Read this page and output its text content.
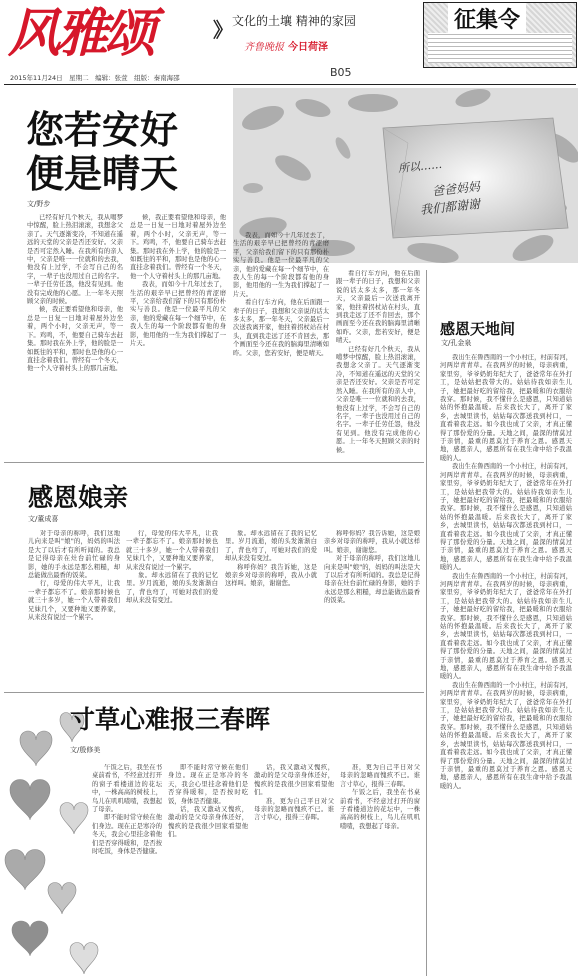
风雅颂	》 文化的土壤 精神的家园
齐鲁晚报 今日荷泽
征集令
2015年11月24日　星期二　编辑：张萱　组版：秦南海邵	B05
您若安好
便是晴天
文/野步
所以……
爸爸妈妈
我们都谢谢

已经有好几个秋天，我从噶梦中惊醒，脸上热泪滚滚，我想念父亲了。天气逐渐变冷，不知道在遥远的天堂的父亲是否还安好。父亲是否可定然入睡。在我所有的亲人中，父亲是唯一一位就和的去我，他没有上过学，不会写自己的名字，一辈子也没用过自己的名字。一辈子任劳任怨，他没有见到。他没有完成他的心愿。上一年冬天照顾父亲的时候。

候，我正要看望他和母亲，他总是一日复一日地对着屋外边坐着，两个小时，父亲无声，等一下。鸡鸣，不，他要自己骑车去赶集。那时我在外上学，他的脸是一如既往的平和，那时也是他的心一直挂念着我们。曾经有一个冬天，他一个人守着村头上的那几亩地。

候，我正要看望他和母亲，他总是一日复一日地对着屋外边坐着，两个小时，父亲无声，等一下。鸡鸣，不，他要自己骑车去赶集。那时我在外上学，他的脸是一如既往的平和，那时也是他的心一直挂念着我们。曾经有一个冬天，他一个人守着村头上的那几亩地。

我表，而如今十几年过去了，生活的艰辛早已把曾经的青涩磨平，父亲给我们留下的只有那份朴实与善良。他是一位最平凡的父亲，他的爱藏在每一个细节中，在我人生的每一个阶段都有他的身影，他用他的一生为我们撑起了一片天。

我表，而如今十几年过去了，生活的艰辛早已把曾经的青涩磨平，父亲给我们留下的只有那份朴实与善良。他是一位最平凡的父亲，他的爱藏在每一个细节中，在我人生的每一个阶段都有他的身影，他用他的一生为我们撑起了一片天。

看自行车方向，他在后面跟一辈子的日子，我想和父亲说的话太多太多，那一年冬天，父亲最后一次送我离开家，他拄着拐杖站在村头，直到我走远了还不肯回去，那个画面至今还在我的脑海里清晰如昨。父亲，您若安好，便是晴天。

看自行车方向，他在后面跟一辈子的日子，我想和父亲说的话太多太多，那一年冬天，父亲最后一次送我离开家，他拄着拐杖站在村头，直到我走远了还不肯回去，那个画面至今还在我的脑海里清晰如昨。父亲，您若安好，便是晴天。

已经有好几个秋天，我从噶梦中惊醒，脸上热泪滚滚，我想念父亲了。天气逐渐变冷，不知道在遥远的天堂的父亲是否还安好。父亲是否可定然入睡。在我所有的亲人中，父亲是唯一一位就和的去我，他没有上过学，不会写自己的名字，一辈子也没用过自己的名字。一辈子任劳任怨，他没有见到。他没有完成他的心愿。上一年冬天照顾父亲的时候。

感恩娘亲
文/董成喜

对于母亲的称呼，我们这地儿向来是叫"娘"的，妈妈的叫法是大了以后才有所听闻的。我总是记得母亲在灶台前忙碌的身影，她的手永远是那么粗糙，却总能做出最香的饭菜。

行，母爱的伟大平凡，让我一辈子都忘不了。娘亲那时候也就三十多岁，她一个人带着我们兄妹几个，又要种地又要养家，从来没有说过一个累字。

行，母爱的伟大平凡，让我一辈子都忘不了。娘亲那时候也就三十多岁，她一个人带着我们兄妹几个，又要种地又要养家，从来没有说过一个累字。

象。却永远留在了我的记忆里。岁月流逝，娘的头发渐渐白了，背也弯了，可她对我们的爱却从来没有变过。

象。却永远留在了我的记忆里。岁月流逝，娘的头发渐渐白了，背也弯了，可她对我们的爱却从来没有变过。

称呼你妈？我告诉她，这是娘亲乡对母亲的称呼，我从小就这样叫。娘亲，谢谢您。

称呼你妈？我告诉她，这是娘亲乡对母亲的称呼，我从小就这样叫。娘亲，谢谢您。

对于母亲的称呼，我们这地儿向来是叫"娘"的，妈妈的叫法是大了以后才有所听闻的。我总是记得母亲在灶台前忙碌的身影，她的手永远是那么粗糙，却总能做出最香的饭菜。

感恩天地间
文/孔金泉

我出生在鲁西南的一个小村庄，村前有河，河两岸青青草。在我两岁的时候，母亲病重，家里穷，爷爷奶奶年纪大了，爸爸常年在外打工，是姑姑把我带大的。姑姑待我如亲生儿子，她把最好吃的留给我，把最暖和的衣服给我穿。那时候，我不懂什么是感恩，只知道姑姑的怀抱最温暖。后来我长大了，离开了家乡，去城里读书，姑姑每次都送我到村口，一直看着我走远。如今我也成了父亲，才真正懂得了那份爱的分量。天地之间，最深的情莫过于亲情，最重的恩莫过于养育之恩。感恩天地，感恩亲人，感恩所有在我生命中给予我温暖的人。

我出生在鲁西南的一个小村庄，村前有河，河两岸青青草。在我两岁的时候，母亲病重，家里穷，爷爷奶奶年纪大了，爸爸常年在外打工，是姑姑把我带大的。姑姑待我如亲生儿子，她把最好吃的留给我，把最暖和的衣服给我穿。那时候，我不懂什么是感恩，只知道姑姑的怀抱最温暖。后来我长大了，离开了家乡，去城里读书，姑姑每次都送我到村口，一直看着我走远。如今我也成了父亲，才真正懂得了那份爱的分量。天地之间，最深的情莫过于亲情，最重的恩莫过于养育之恩。感恩天地，感恩亲人，感恩所有在我生命中给予我温暖的人。

我出生在鲁西南的一个小村庄，村前有河，河两岸青青草。在我两岁的时候，母亲病重，家里穷，爷爷奶奶年纪大了，爸爸常年在外打工，是姑姑把我带大的。姑姑待我如亲生儿子，她把最好吃的留给我，把最暖和的衣服给我穿。那时候，我不懂什么是感恩，只知道姑姑的怀抱最温暖。后来我长大了，离开了家乡，去城里读书，姑姑每次都送我到村口，一直看着我走远。如今我也成了父亲，才真正懂得了那份爱的分量。天地之间，最深的情莫过于亲情，最重的恩莫过于养育之恩。感恩天地，感恩亲人，感恩所有在我生命中给予我温暖的人。

我出生在鲁西南的一个小村庄，村前有河，河两岸青青草。在我两岁的时候，母亲病重，家里穷，爷爷奶奶年纪大了，爸爸常年在外打工，是姑姑把我带大的。姑姑待我如亲生儿子，她把最好吃的留给我，把最暖和的衣服给我穿。那时候，我不懂什么是感恩，只知道姑姑的怀抱最温暖。后来我长大了，离开了家乡，去城里读书，姑姑每次都送我到村口，一直看着我走远。如今我也成了父亲，才真正懂得了那份爱的分量。天地之间，最深的情莫过于亲情，最重的恩莫过于养育之恩。感恩天地，感恩亲人，感恩所有在我生命中给予我温暖的人。

寸草心难报三春晖
文/殷修美

午饭之后，我坐在书桌前看书，不经意过打开的窗子看楼道边的花坛中，一株高高的树枝上，鸟儿在叽叽喳喳，我想起了母亲。

即不能时常守候在他们身边。现在正是寒冷的冬天，我会心里挂念着他们是否穿得暖和，是否按时吃饭，身体是否健康。

即不能时常守候在他们身边。现在正是寒冷的冬天，我会心里挂念着他们是否穿得暖和，是否按时吃饭，身体是否健康。

话，我又激动又愧疚，激动的是父母亲身体还好，愧疚的是我很少回家看望他们。

话，我又激动又愧疚，激动的是父母亲身体还好，愧疚的是我很少回家看望他们。

准，更为自己平日对父母亲的忽略而愧疚不已。谁言寸草心，报得三春晖。

准，更为自己平日对父母亲的忽略而愧疚不已。谁言寸草心，报得三春晖。

午饭之后，我坐在书桌前看书，不经意过打开的窗子看楼道边的花坛中，一株高高的树枝上，鸟儿在叽叽喳喳，我想起了母亲。
